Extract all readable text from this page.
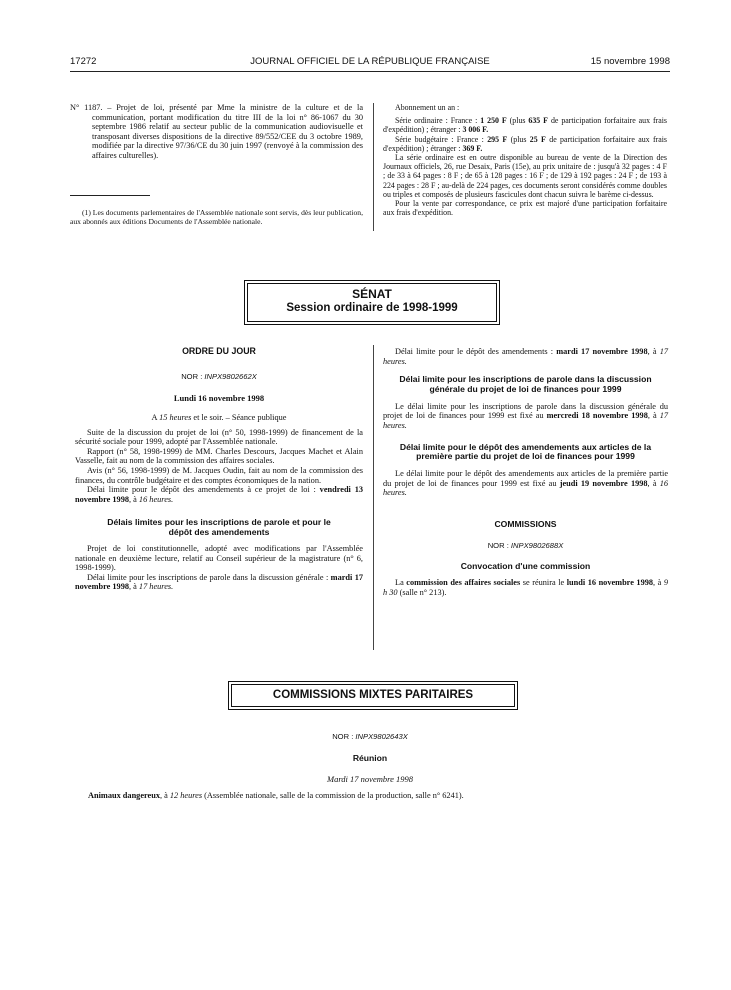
17272	JOURNAL OFFICIEL DE LA RÉPUBLIQUE FRANÇAISE	15 novembre 1998

N° 1187. – Projet de loi, présenté par Mme la ministre de la culture et de la communication, portant modification du titre III de la loi n° 86-1067 du 30 septembre 1986 relatif au secteur public de la communication audiovisuelle et transposant diverses dispositions de la directive 89/552/CEE du 3 octobre 1989, modifiée par la directive 97/36/CE du 30 juin 1997 (renvoyé à la commission des affaires culturelles).

(1) Les documents parlementaires de l'Assemblée nationale sont servis, dès leur publication, aux abonnés aux éditions Documents de l'Assemblée nationale.

Abonnement un an :

Série ordinaire : France : 1 250 F (plus 635 F de participation forfaitaire aux frais d'expédition) ; étranger : 3 006 F.

Série budgétaire : France : 295 F (plus 25 F de participation forfaitaire aux frais d'expédition) ; étranger : 369 F.

La série ordinaire est en outre disponible au bureau de vente de la Direction des Journaux officiels, 26, rue Desaix, Paris (15e), au prix unitaire de : jusqu'à 32 pages : 4 F ; de 33 à 64 pages : 8 F ; de 65 à 128 pages : 16 F ; de 129 à 192 pages : 24 F ; de 193 à 224 pages : 28 F ; au-delà de 224 pages, ces documents seront considérés comme doubles ou triples et composés de plusieurs fascicules dont chacun suivra le barème ci-dessus.

Pour la vente par correspondance, ce prix est majoré d'une participation forfaitaire aux frais d'expédition.

SÉNAT
Session ordinaire de 1998-1999
ORDRE DU JOUR
NOR : INPX9802662X
Lundi 16 novembre 1998
A 15 heures et le soir. – Séance publique

Suite de la discussion du projet de loi (n° 50, 1998-1999) de financement de la sécurité sociale pour 1999, adopté par l'Assemblée nationale.

Rapport (n° 58, 1998-1999) de MM. Charles Descours, Jacques Machet et Alain Vasselle, fait au nom de la commission des affaires sociales.

Avis (n° 56, 1998-1999) de M. Jacques Oudin, fait au nom de la commission des finances, du contrôle budgétaire et des comptes économiques de la nation.

Délai limite pour le dépôt des amendements à ce projet de loi : vendredi 13 novembre 1998, à 16 heures.

Délais limites pour les inscriptions de parole et pour le dépôt des amendements

Projet de loi constitutionnelle, adopté avec modifications par l'Assemblée nationale en deuxième lecture, relatif au Conseil supérieur de la magistrature (n° 6, 1998-1999).

Délai limite pour les inscriptions de parole dans la discussion générale : mardi 17 novembre 1998, à 17 heures.

Délai limite pour le dépôt des amendements : mardi 17 novembre 1998, à 17 heures.

Délai limite pour les inscriptions de parole dans la discussion générale du projet de loi de finances pour 1999

Le délai limite pour les inscriptions de parole dans la discussion générale du projet de loi de finances pour 1999 est fixé au mercredi 18 novembre 1998, à 17 heures.

Délai limite pour le dépôt des amendements aux articles de la première partie du projet de loi de finances pour 1999

Le délai limite pour le dépôt des amendements aux articles de la première partie du projet de loi de finances pour 1999 est fixé au jeudi 19 novembre 1998, à 16 heures.

COMMISSIONS
NOR : INPX9802688X
Convocation d'une commission

La commission des affaires sociales se réunira le lundi 16 novembre 1998, à 9 h 30 (salle n° 213).

COMMISSIONS MIXTES PARITAIRES
NOR : INPX9802643X
Réunion
Mardi 17 novembre 1998
Animaux dangereux, à 12 heures (Assemblée nationale, salle de la commission de la production, salle n° 6241).
